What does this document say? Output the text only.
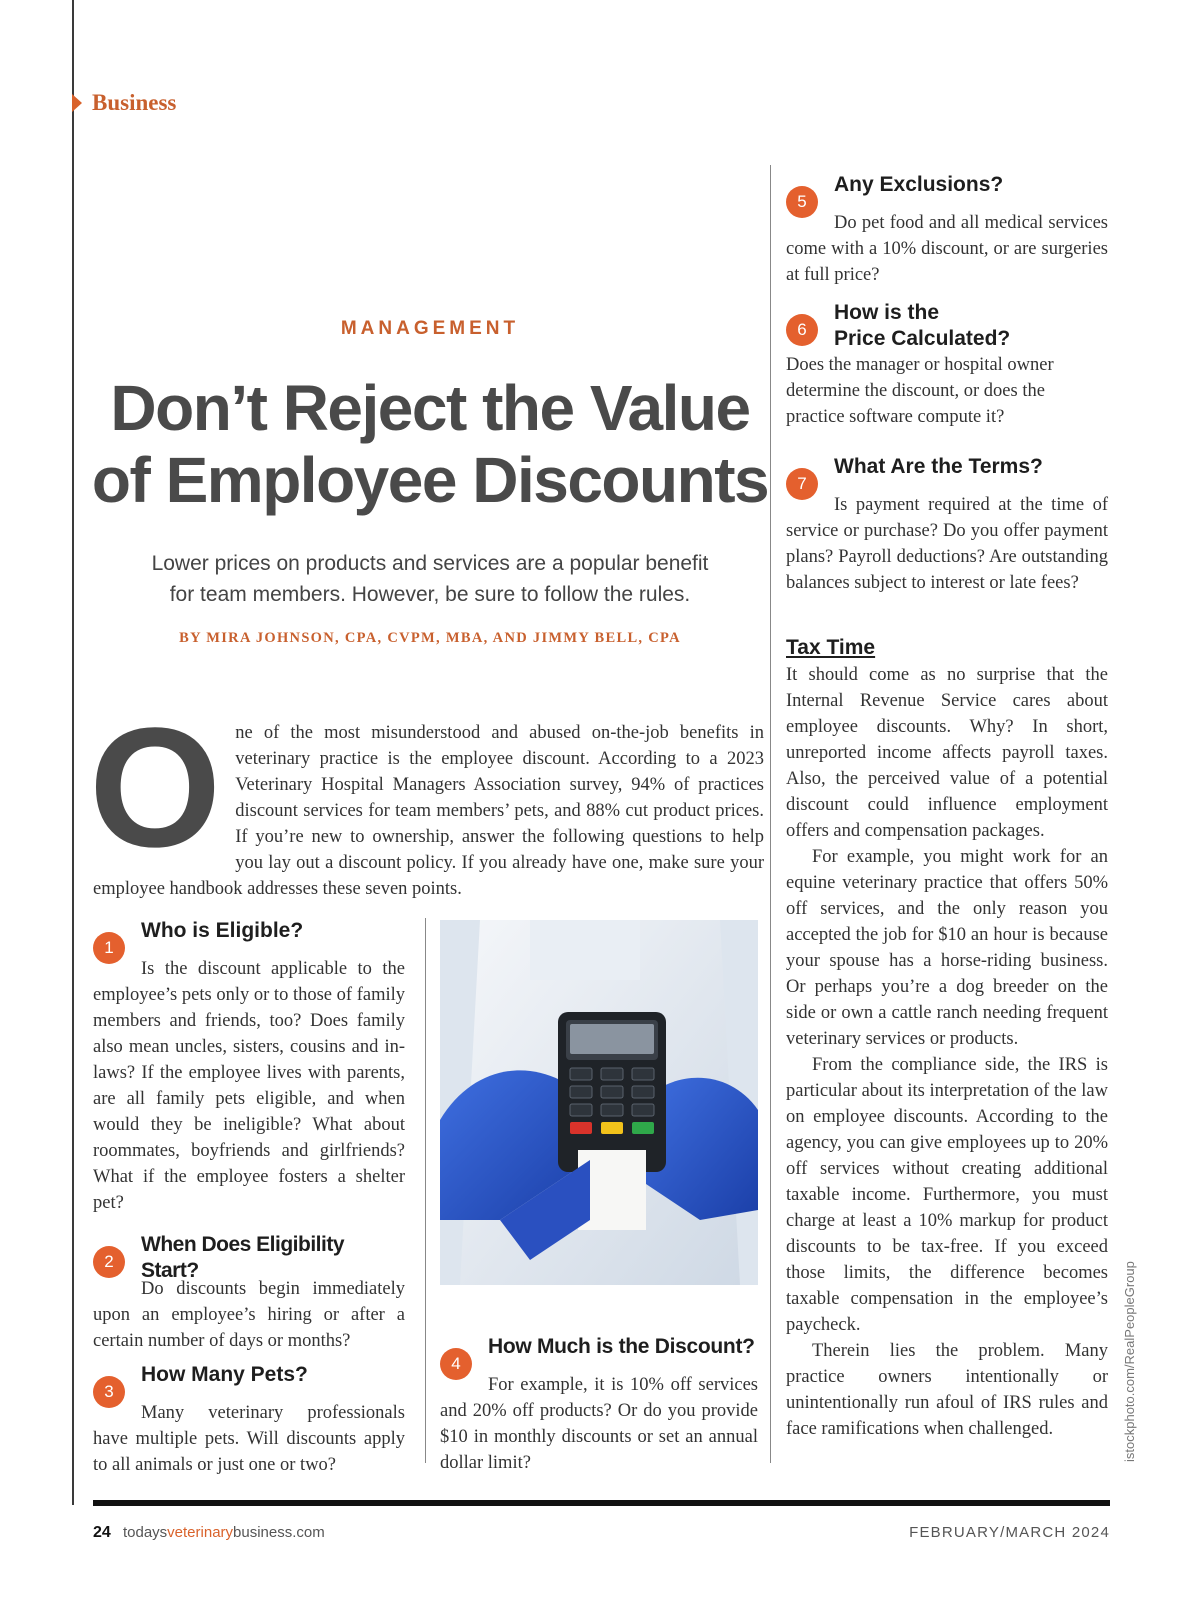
Business
MANAGEMENT
Don’t Reject the Value
of Employee Discounts
Lower prices on products and services are a popular benefit
for team members. However, be sure to follow the rules.
BY MIRA JOHNSON, CPA, CVPM, MBA, AND JIMMY BELL, CPA
O ne of the most misunderstood and abused on-the-job benefits in veterinary practice is the employee discount. According to a 2023 Veterinary Hospital Managers Association survey, 94% of practices discount services for team members’ pets, and 88% cut product prices. If you’re new to ownership, answer the following questions to help you lay out a discount policy. If you already have one, make sure your employee handbook addresses these seven points.
1
Who is Eligible?

Is the discount applicable to the employee’s pets only or to those of family members and friends, too? Does family also mean uncles, sisters, cousins and in-laws? If the employee lives with parents, are all family pets eligible, and when would they be ineligible? What about roommates, boyfriends and girlfriends? What if the employee fosters a shelter pet?

2
When Does Eligibility Start?

Do discounts begin immediately upon an employee’s hiring or after a certain number of days or months?

3
How Many Pets?

Many veterinary professionals have multiple pets. Will discounts apply to all animals or just one or two?

4
How Much is the Discount?

For example, it is 10% off services and 20% off products? Or do you provide $10 in monthly discounts or set an annual dollar limit?

5
Any Exclusions?

Do pet food and all medical services come with a 10% discount, or are surgeries at full price?

6
How is the
Price Calculated?

Does the manager or hospital owner determine the discount, or does the practice software compute it?

7
What Are the Terms?

Is payment required at the time of service or purchase? Do you offer payment plans? Payroll deductions? Are outstanding balances subject to interest or late fees?

Tax Time

It should come as no surprise that the Internal Revenue Service cares about employee discounts. Why? In short, unreported income affects payroll taxes. Also, the perceived value of a potential discount could influence employment offers and compensation packages.

For example, you might work for an equine veterinary practice that offers 50% off services, and the only reason you accepted the job for $10 an hour is because your spouse has a horse-riding business. Or perhaps you’re a dog breeder on the side or own a cattle ranch needing frequent veterinary services or products.

From the compliance side, the IRS is particular about its interpretation of the law on employee discounts. According to the agency, you can give employees up to 20% off services without creating additional taxable income. Furthermore, you must charge at least a 10% markup for product discounts to be tax-free. If you exceed those limits, the difference becomes taxable compensation in the employee’s paycheck.

Therein lies the problem. Many practice owners intentionally or unintentionally run afoul of IRS rules and face ramifications when challenged.	istockphoto.com/RealPeopleGroup
24 todaysveterinarybusiness.com	FEBRUARY/MARCH 2024
